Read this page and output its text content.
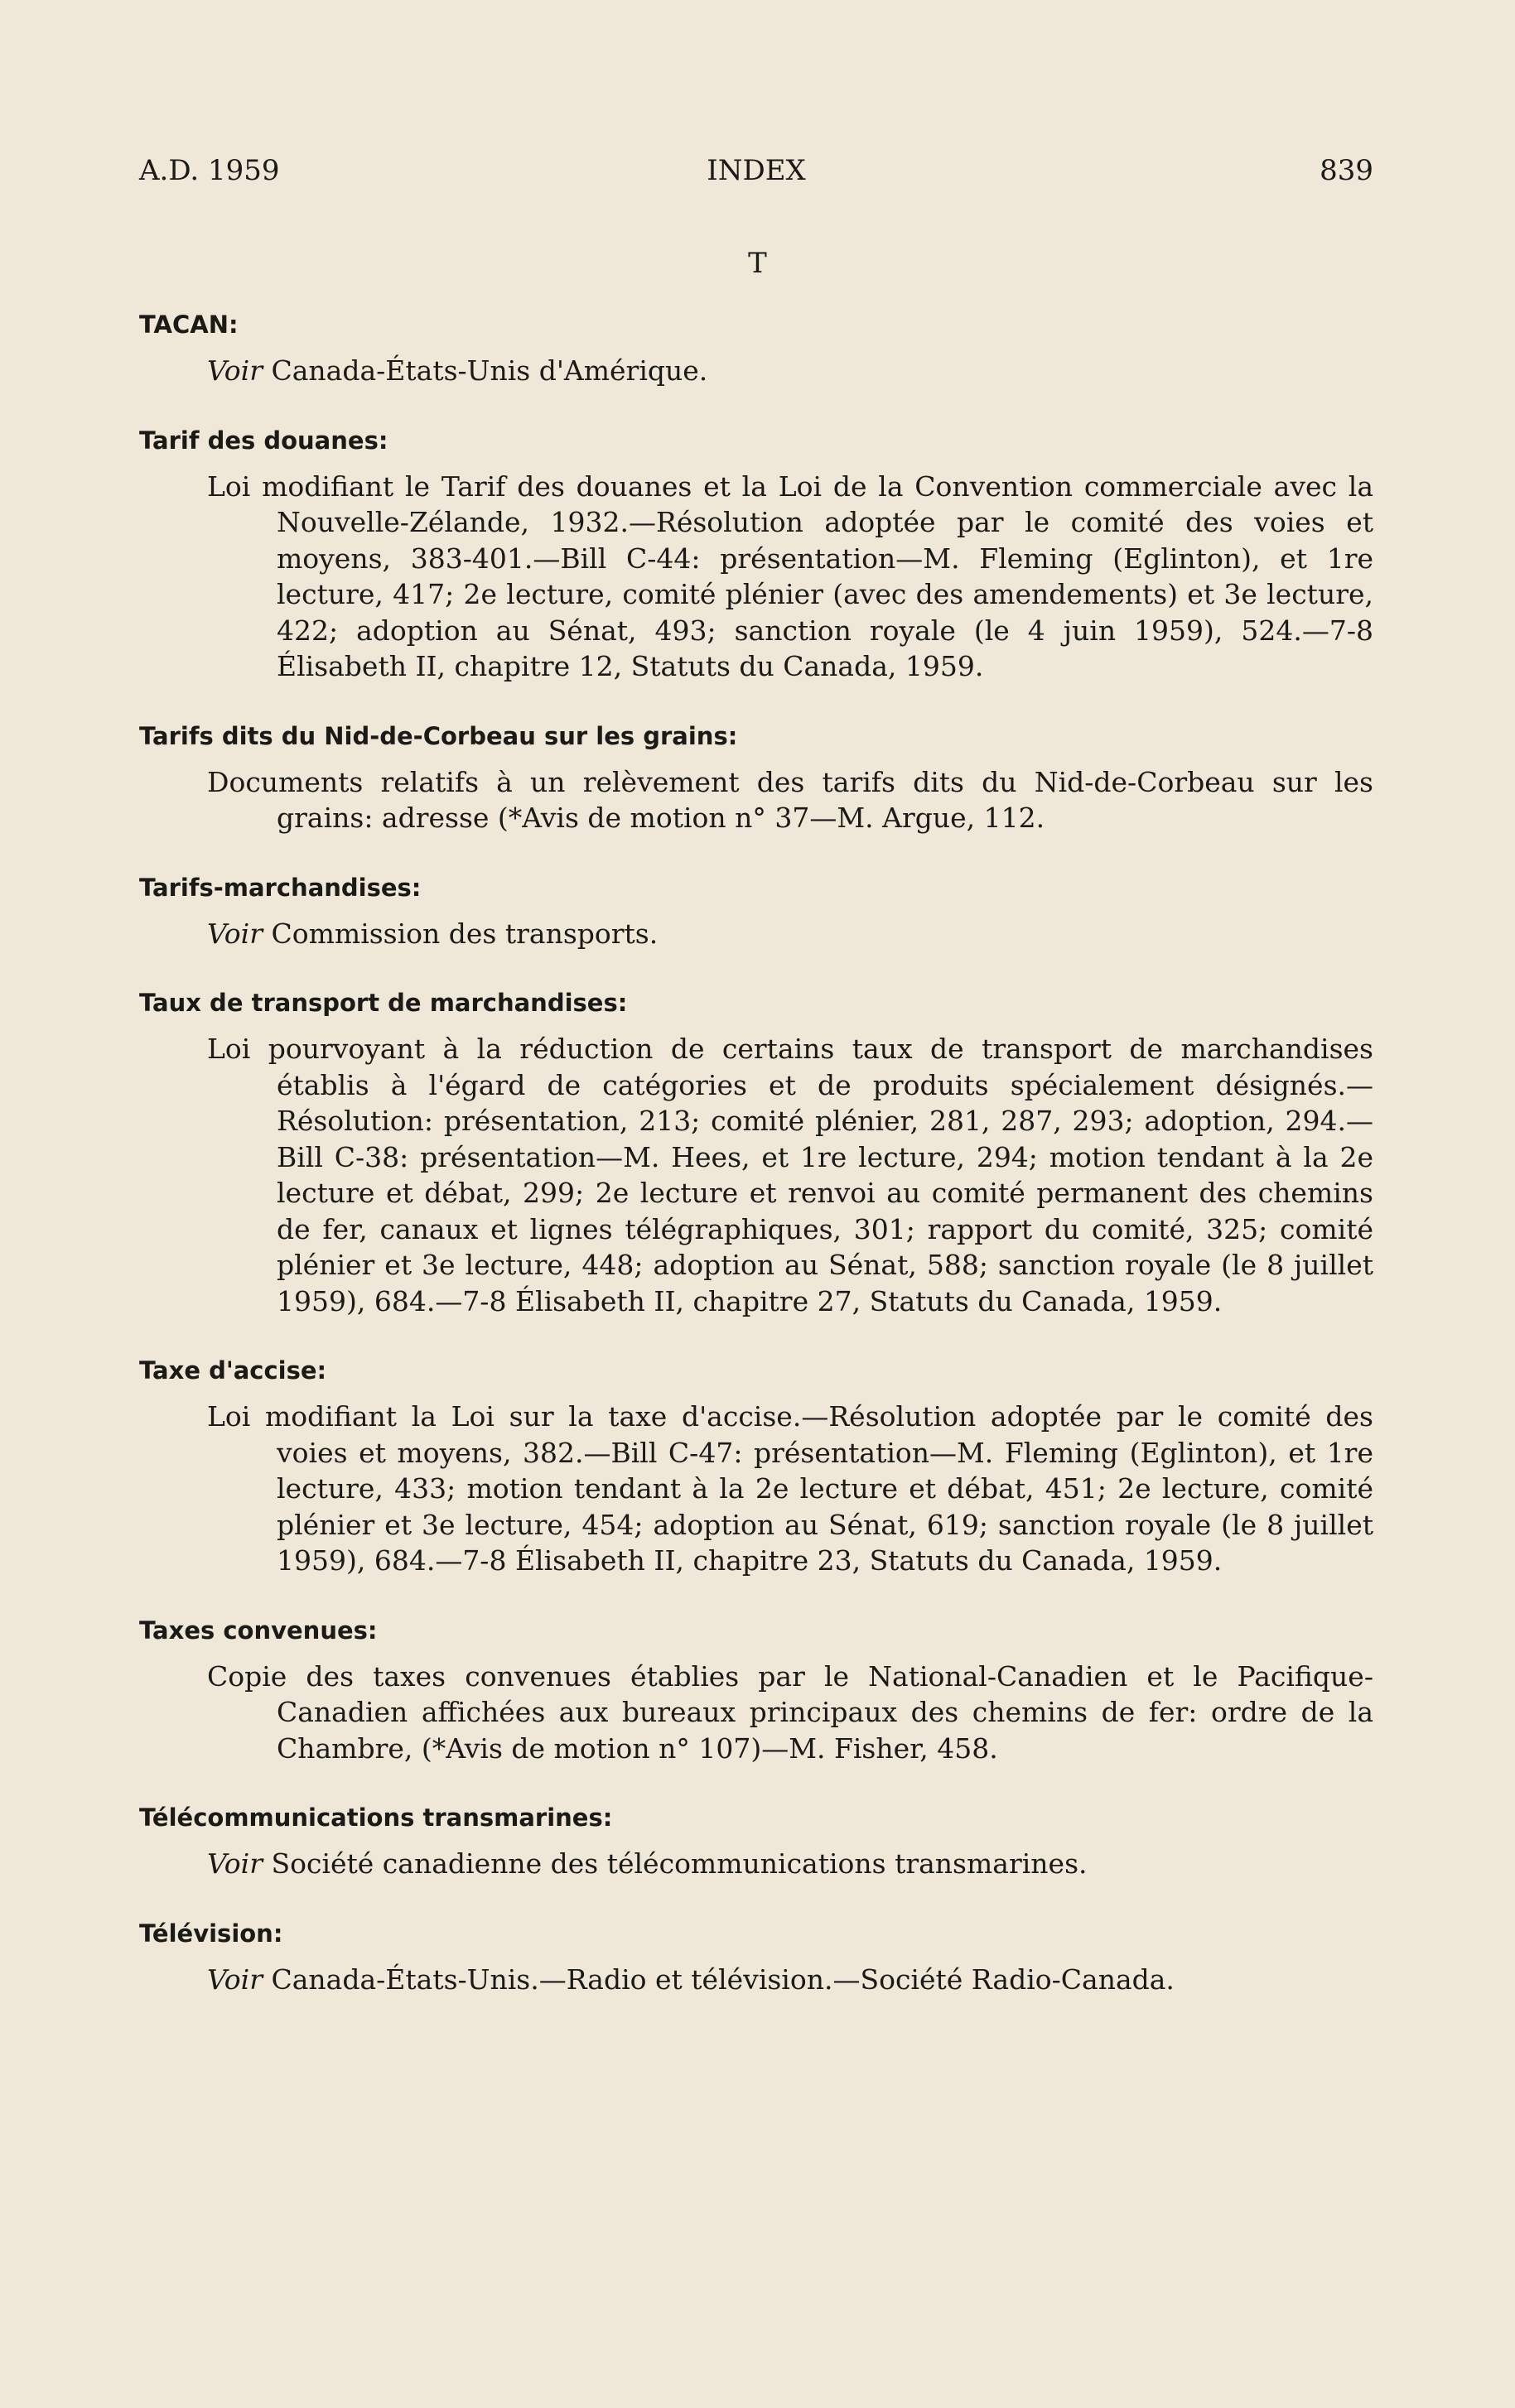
A.D. 1959	INDEX	839
T
TACAN:

Voir Canada-États-Unis d'Amérique.

Tarif des douanes:

Loi modifiant le Tarif des douanes et la Loi de la Convention commerciale avec la Nouvelle-Zélande, 1932.—Résolution adoptée par le comité des voies et moyens, 383-401.—Bill C-44: présentation—M. Fleming (Eglinton), et 1re lecture, 417; 2e lecture, comité plénier (avec des amendements) et 3e lecture, 422; adoption au Sénat, 493; sanction royale (le 4 juin 1959), 524.—7-8 Élisabeth II, chapitre 12, Statuts du Canada, 1959.

Tarifs dits du Nid-de-Corbeau sur les grains:

Documents relatifs à un relèvement des tarifs dits du Nid-de-Corbeau sur les grains: adresse (*Avis de motion n° 37—M. Argue, 112.

Tarifs-marchandises:

Voir Commission des transports.

Taux de transport de marchandises:

Loi pourvoyant à la réduction de certains taux de transport de marchandises établis à l'égard de catégories et de produits spécialement désignés.—Résolution: présentation, 213; comité plénier, 281, 287, 293; adoption, 294.—Bill C-38: présentation—M. Hees, et 1re lecture, 294; motion tendant à la 2e lecture et débat, 299; 2e lecture et renvoi au comité permanent des chemins de fer, canaux et lignes télégraphiques, 301; rapport du comité, 325; comité plénier et 3e lecture, 448; adoption au Sénat, 588; sanction royale (le 8 juillet 1959), 684.—7-8 Élisabeth II, chapitre 27, Statuts du Canada, 1959.

Taxe d'accise:

Loi modifiant la Loi sur la taxe d'accise.—Résolution adoptée par le comité des voies et moyens, 382.—Bill C-47: présentation—M. Fleming (Eglinton), et 1re lecture, 433; motion tendant à la 2e lecture et débat, 451; 2e lecture, comité plénier et 3e lecture, 454; adoption au Sénat, 619; sanction royale (le 8 juillet 1959), 684.—7-8 Élisabeth II, chapitre 23, Statuts du Canada, 1959.

Taxes convenues:

Copie des taxes convenues établies par le National-Canadien et le Pacifique-Canadien affichées aux bureaux principaux des chemins de fer: ordre de la Chambre, (*Avis de motion n° 107)—M. Fisher, 458.

Télécommunications transmarines:

Voir Société canadienne des télécommunications transmarines.

Télévision:

Voir Canada-États-Unis.—Radio et télévision.—Société Radio-Canada.
